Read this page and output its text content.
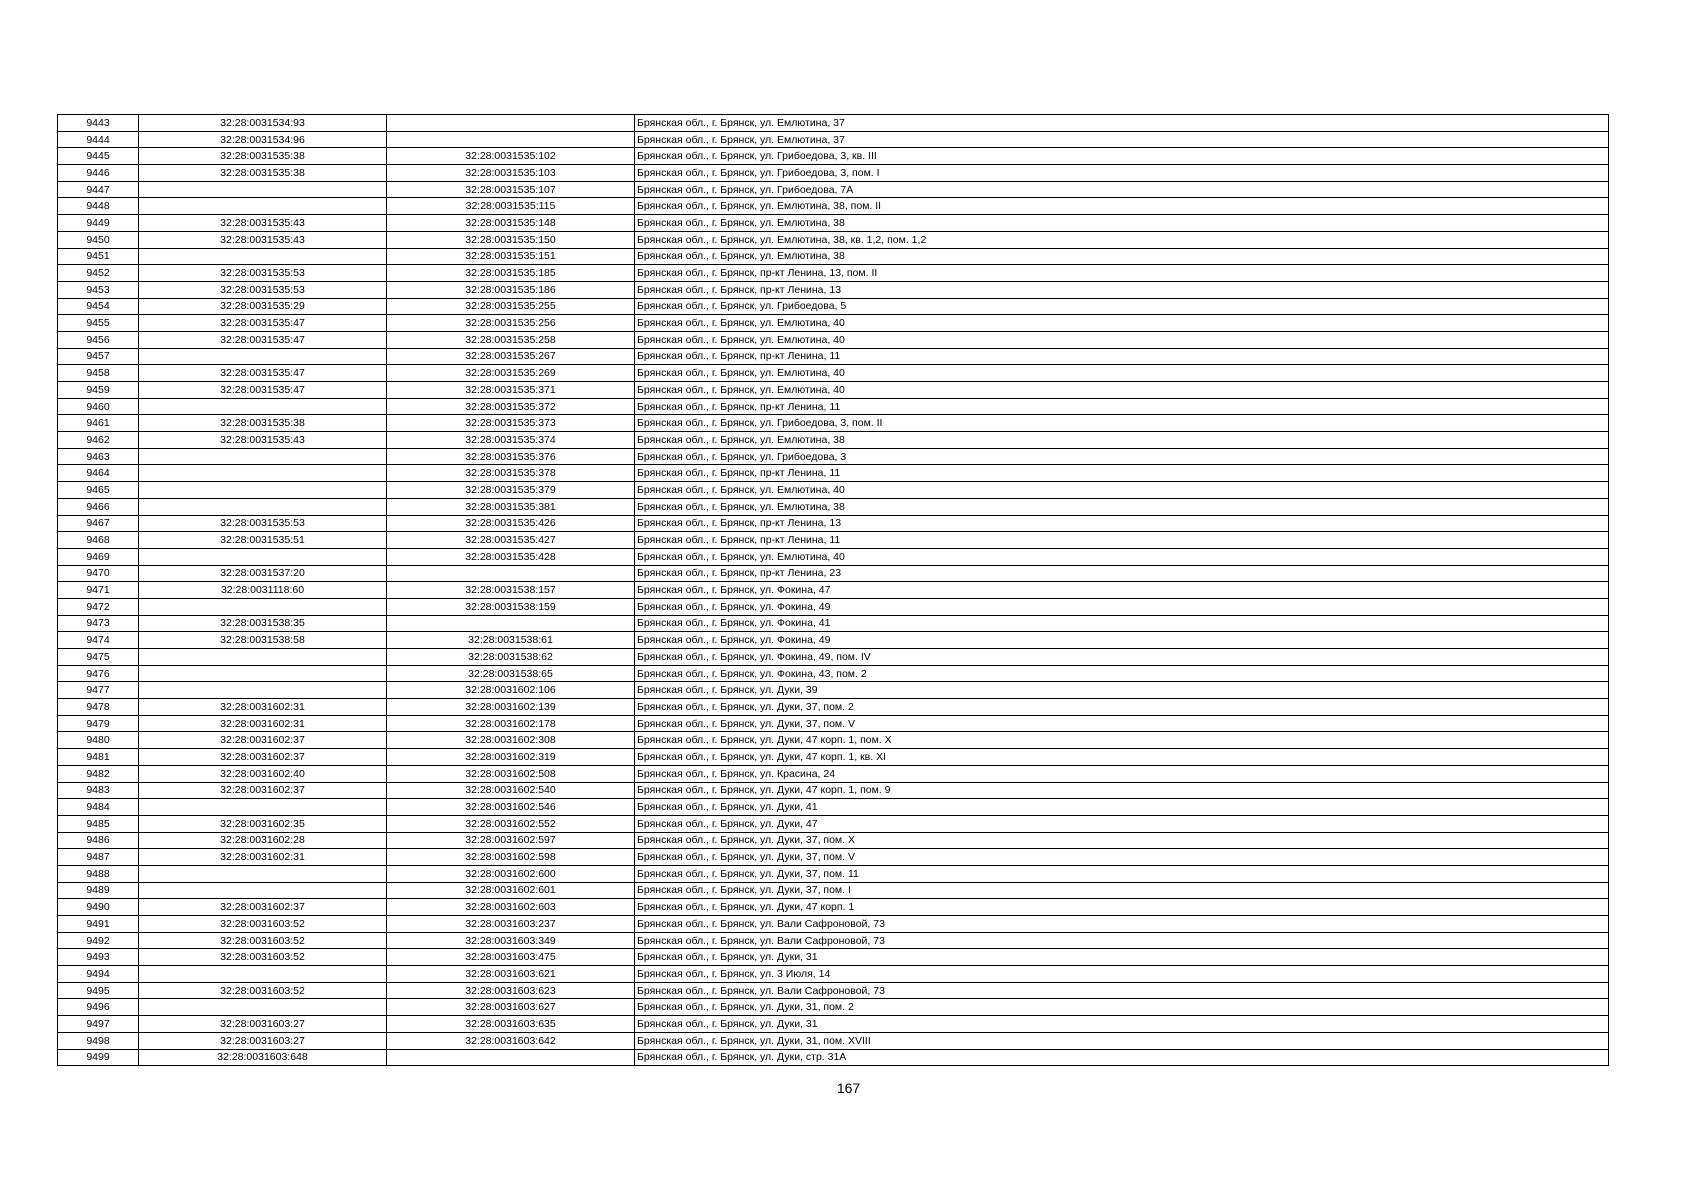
9443	32:28:0031534:93		Брянская обл., г. Брянск, ул. Емлютина, 37
9444	32:28:0031534:96		Брянская обл., г. Брянск, ул. Емлютина, 37
9445	32:28:0031535:38	32:28:0031535:102	Брянская обл., г. Брянск, ул. Грибоедова, 3, кв. III
9446	32:28:0031535:38	32:28:0031535:103	Брянская обл., г. Брянск, ул. Грибоедова, 3, пом. I
9447		32:28:0031535:107	Брянская обл., г. Брянск, ул. Грибоедова, 7А
9448		32:28:0031535:115	Брянская обл., г. Брянск, ул. Емлютина, 38, пом. II
9449	32:28:0031535:43	32:28:0031535:148	Брянская обл., г. Брянск, ул. Емлютина, 38
9450	32:28:0031535:43	32:28:0031535:150	Брянская обл., г. Брянск, ул. Емлютина, 38, кв. 1,2, пом. 1,2
9451		32:28:0031535:151	Брянская обл., г. Брянск, ул. Емлютина, 38
9452	32:28:0031535:53	32:28:0031535:185	Брянская обл., г. Брянск, пр-кт Ленина, 13, пом. II
9453	32:28:0031535:53	32:28:0031535:186	Брянская обл., г. Брянск, пр-кт Ленина, 13
9454	32:28:0031535:29	32:28:0031535:255	Брянская обл., г. Брянск, ул. Грибоедова, 5
9455	32:28:0031535:47	32:28:0031535:256	Брянская обл., г. Брянск, ул. Емлютина, 40
9456	32:28:0031535:47	32:28:0031535:258	Брянская обл., г. Брянск, ул. Емлютина, 40
9457		32:28:0031535:267	Брянская обл., г. Брянск, пр-кт Ленина, 11
9458	32:28:0031535:47	32:28:0031535:269	Брянская обл., г. Брянск, ул. Емлютина, 40
9459	32:28:0031535:47	32:28:0031535:371	Брянская обл., г. Брянск, ул. Емлютина, 40
9460		32:28:0031535:372	Брянская обл., г. Брянск, пр-кт Ленина, 11
9461	32:28:0031535:38	32:28:0031535:373	Брянская обл., г. Брянск, ул. Грибоедова, 3, пом. II
9462	32:28:0031535:43	32:28:0031535:374	Брянская обл., г. Брянск, ул. Емлютина, 38
9463		32:28:0031535:376	Брянская обл., г. Брянск, ул. Грибоедова, 3
9464		32:28:0031535:378	Брянская обл., г. Брянск, пр-кт Ленина, 11
9465		32:28:0031535:379	Брянская обл., г. Брянск, ул. Емлютина, 40
9466		32:28:0031535:381	Брянская обл., г. Брянск, ул. Емлютина, 38
9467	32:28:0031535:53	32:28:0031535:426	Брянская обл., г. Брянск, пр-кт Ленина, 13
9468	32:28:0031535:51	32:28:0031535:427	Брянская обл., г. Брянск, пр-кт Ленина, 11
9469		32:28:0031535:428	Брянская обл., г. Брянск, ул. Емлютина, 40
9470	32:28:0031537:20		Брянская обл., г. Брянск, пр-кт Ленина, 23
9471	32:28:0031118:60	32:28:0031538:157	Брянская обл., г. Брянск, ул. Фокина, 47
9472		32:28:0031538:159	Брянская обл., г. Брянск, ул. Фокина, 49
9473	32:28:0031538:35		Брянская обл., г. Брянск, ул. Фокина, 41
9474	32:28:0031538:58	32:28:0031538:61	Брянская обл., г. Брянск, ул. Фокина, 49
9475		32:28:0031538:62	Брянская обл., г. Брянск, ул. Фокина, 49, пом. IV
9476		32:28:0031538:65	Брянская обл., г. Брянск, ул. Фокина, 43, пом. 2
9477		32:28:0031602:106	Брянская обл., г. Брянск, ул. Дуки, 39
9478	32:28:0031602:31	32:28:0031602:139	Брянская обл., г. Брянск, ул. Дуки, 37, пом. 2
9479	32:28:0031602:31	32:28:0031602:178	Брянская обл., г. Брянск, ул. Дуки, 37, пом. V
9480	32:28:0031602:37	32:28:0031602:308	Брянская обл., г. Брянск, ул. Дуки, 47 корп. 1, пом. X
9481	32:28:0031602:37	32:28:0031602:319	Брянская обл., г. Брянск, ул. Дуки, 47 корп. 1, кв. XI
9482	32:28:0031602:40	32:28:0031602:508	Брянская обл., г. Брянск, ул. Красина, 24
9483	32:28:0031602:37	32:28:0031602:540	Брянская обл., г. Брянск, ул. Дуки, 47 корп. 1, пом. 9
9484		32:28:0031602:546	Брянская обл., г. Брянск, ул. Дуки, 41
9485	32:28:0031602:35	32:28:0031602:552	Брянская обл., г. Брянск, ул. Дуки, 47
9486	32:28:0031602:28	32:28:0031602:597	Брянская обл., г. Брянск, ул. Дуки, 37, пом. X
9487	32:28:0031602:31	32:28:0031602:598	Брянская обл., г. Брянск, ул. Дуки, 37, пом. V
9488		32:28:0031602:600	Брянская обл., г. Брянск, ул. Дуки, 37, пом. 11
9489		32:28:0031602:601	Брянская обл., г. Брянск, ул. Дуки, 37, пом. I
9490	32:28:0031602:37	32:28:0031602:603	Брянская обл., г. Брянск, ул. Дуки, 47 корп. 1
9491	32:28:0031603:52	32:28:0031603:237	Брянская обл., г. Брянск, ул. Вали Сафроновой, 73
9492	32:28:0031603:52	32:28:0031603:349	Брянская обл., г. Брянск, ул. Вали Сафроновой, 73
9493	32:28:0031603:52	32:28:0031603:475	Брянская обл., г. Брянск, ул. Дуки, 31
9494		32:28:0031603:621	Брянская обл., г. Брянск, ул. 3 Июля, 14
9495	32:28:0031603:52	32:28:0031603:623	Брянская обл., г. Брянск, ул. Вали Сафроновой, 73
9496		32:28:0031603:627	Брянская обл., г. Брянск, ул. Дуки, 31, пом. 2
9497	32:28:0031603:27	32:28:0031603:635	Брянская обл., г. Брянск, ул. Дуки, 31
9498	32:28:0031603:27	32:28:0031603:642	Брянская обл., г. Брянск, ул. Дуки, 31, пом. XVIII
9499	32:28:0031603:648		Брянская обл., г. Брянск, ул. Дуки, стр. 31А
167
